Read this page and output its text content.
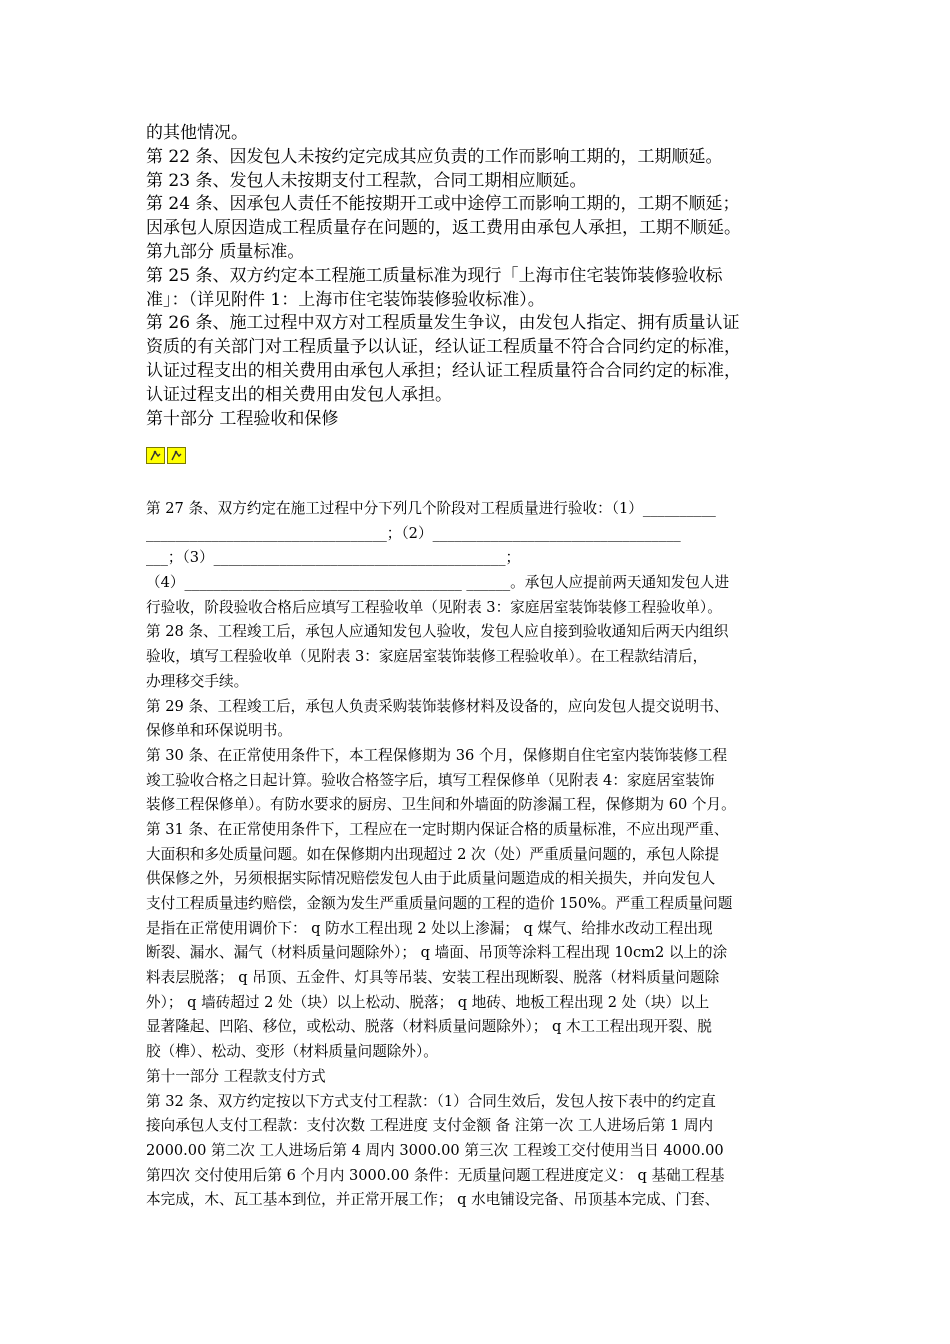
的其他情况。
第 22 条、因发包人未按约定完成其应负责的工作而影响工期的，工期顺延。
第 23 条、发包人未按期支付工程款，合同工期相应顺延。
第 24 条、因承包人责任不能按期开工或中途停工而影响工期的，工期不顺延；
因承包人原因造成工程质量存在问题的，返工费用由承包人承担，工期不顺延。
第九部分 质量标准。
第 25 条、双方约定本工程施工质量标准为现行「上海市住宅装饰装修验收标
准」：（详见附件 1：上海市住宅装饰装修验收标准）。
第 26 条、施工过程中双方对工程质量发生争议，由发包人指定、拥有质量认证
资质的有关部门对工程质量予以认证，经认证工程质量不符合合同约定的标准，
认证过程支出的相关费用由承包人承担；经认证工程质量符合合同约定的标准，
认证过程支出的相关费用由发包人承担。
第十部分 工程验收和保修
第 27 条、双方约定在施工过程中分下列几个阶段对工程质量进行验收：（1）__________
_________________________________；（2）__________________________________
___；（3）________________________________________；
（4）______________________________________ ______。承包人应提前两天通知发包人进
行验收，阶段验收合格后应填写工程验收单（见附表 3：家庭居室装饰装修工程验收单）。
第 28 条、工程竣工后，承包人应通知发包人验收，发包人应自接到验收通知后两天内组织
验收，填写工程验收单（见附表 3：家庭居室装饰装修工程验收单）。在工程款结清后，
办理移交手续。
第 29 条、工程竣工后，承包人负责采购装饰装修材料及设备的，应向发包人提交说明书、
保修单和环保说明书。
第 30 条、在正常使用条件下，本工程保修期为 36 个月，保修期自住宅室内装饰装修工程
竣工验收合格之日起计算。验收合格签字后，填写工程保修单（见附表 4：家庭居室装饰
装修工程保修单）。有防水要求的厨房、卫生间和外墙面的防渗漏工程，保修期为 60 个月。
第 31 条、在正常使用条件下，工程应在一定时期内保证合格的质量标准，不应出现严重、
大面积和多处质量问题。如在保修期内出现超过 2 次（处）严重质量问题的，承包人除提
供保修之外，另须根据实际情况赔偿发包人由于此质量问题造成的相关损失，并向发包人
支付工程质量违约赔偿，金额为发生严重质量问题的工程的造价 150%。严重工程质量问题
是指在正常使用调价下： q 防水工程出现 2 处以上渗漏； q 煤气、给排水改动工程出现
断裂、漏水、漏气（材料质量问题除外）； q 墙面、吊顶等涂料工程出现 10cm2 以上的涂
料表层脱落； q 吊顶、五金件、灯具等吊装、安装工程出现断裂、脱落（材料质量问题除
外）； q 墙砖超过 2 处（块）以上松动、脱落； q 地砖、地板工程出现 2 处（块）以上
显著隆起、凹陷、移位，或松动、脱落（材料质量问题除外）； q 木工工程出现开裂、脱
胶（榫）、松动、变形（材料质量问题除外）。
第十一部分 工程款支付方式
第 32 条、双方约定按以下方式支付工程款：（1）合同生效后，发包人按下表中的约定直
接向承包人支付工程款：支付次数 工程进度 支付金额 备 注第一次 工人进场后第 1 周内
2000.00 第二次 工人进场后第 4 周内 3000.00 第三次 工程竣工交付使用当日 4000.00
第四次 交付使用后第 6 个月内 3000.00 条件：无质量问题工程进度定义： q 基础工程基
本完成，木、瓦工基本到位，并正常开展工作； q 水电铺设完备、吊顶基本完成、门套、
